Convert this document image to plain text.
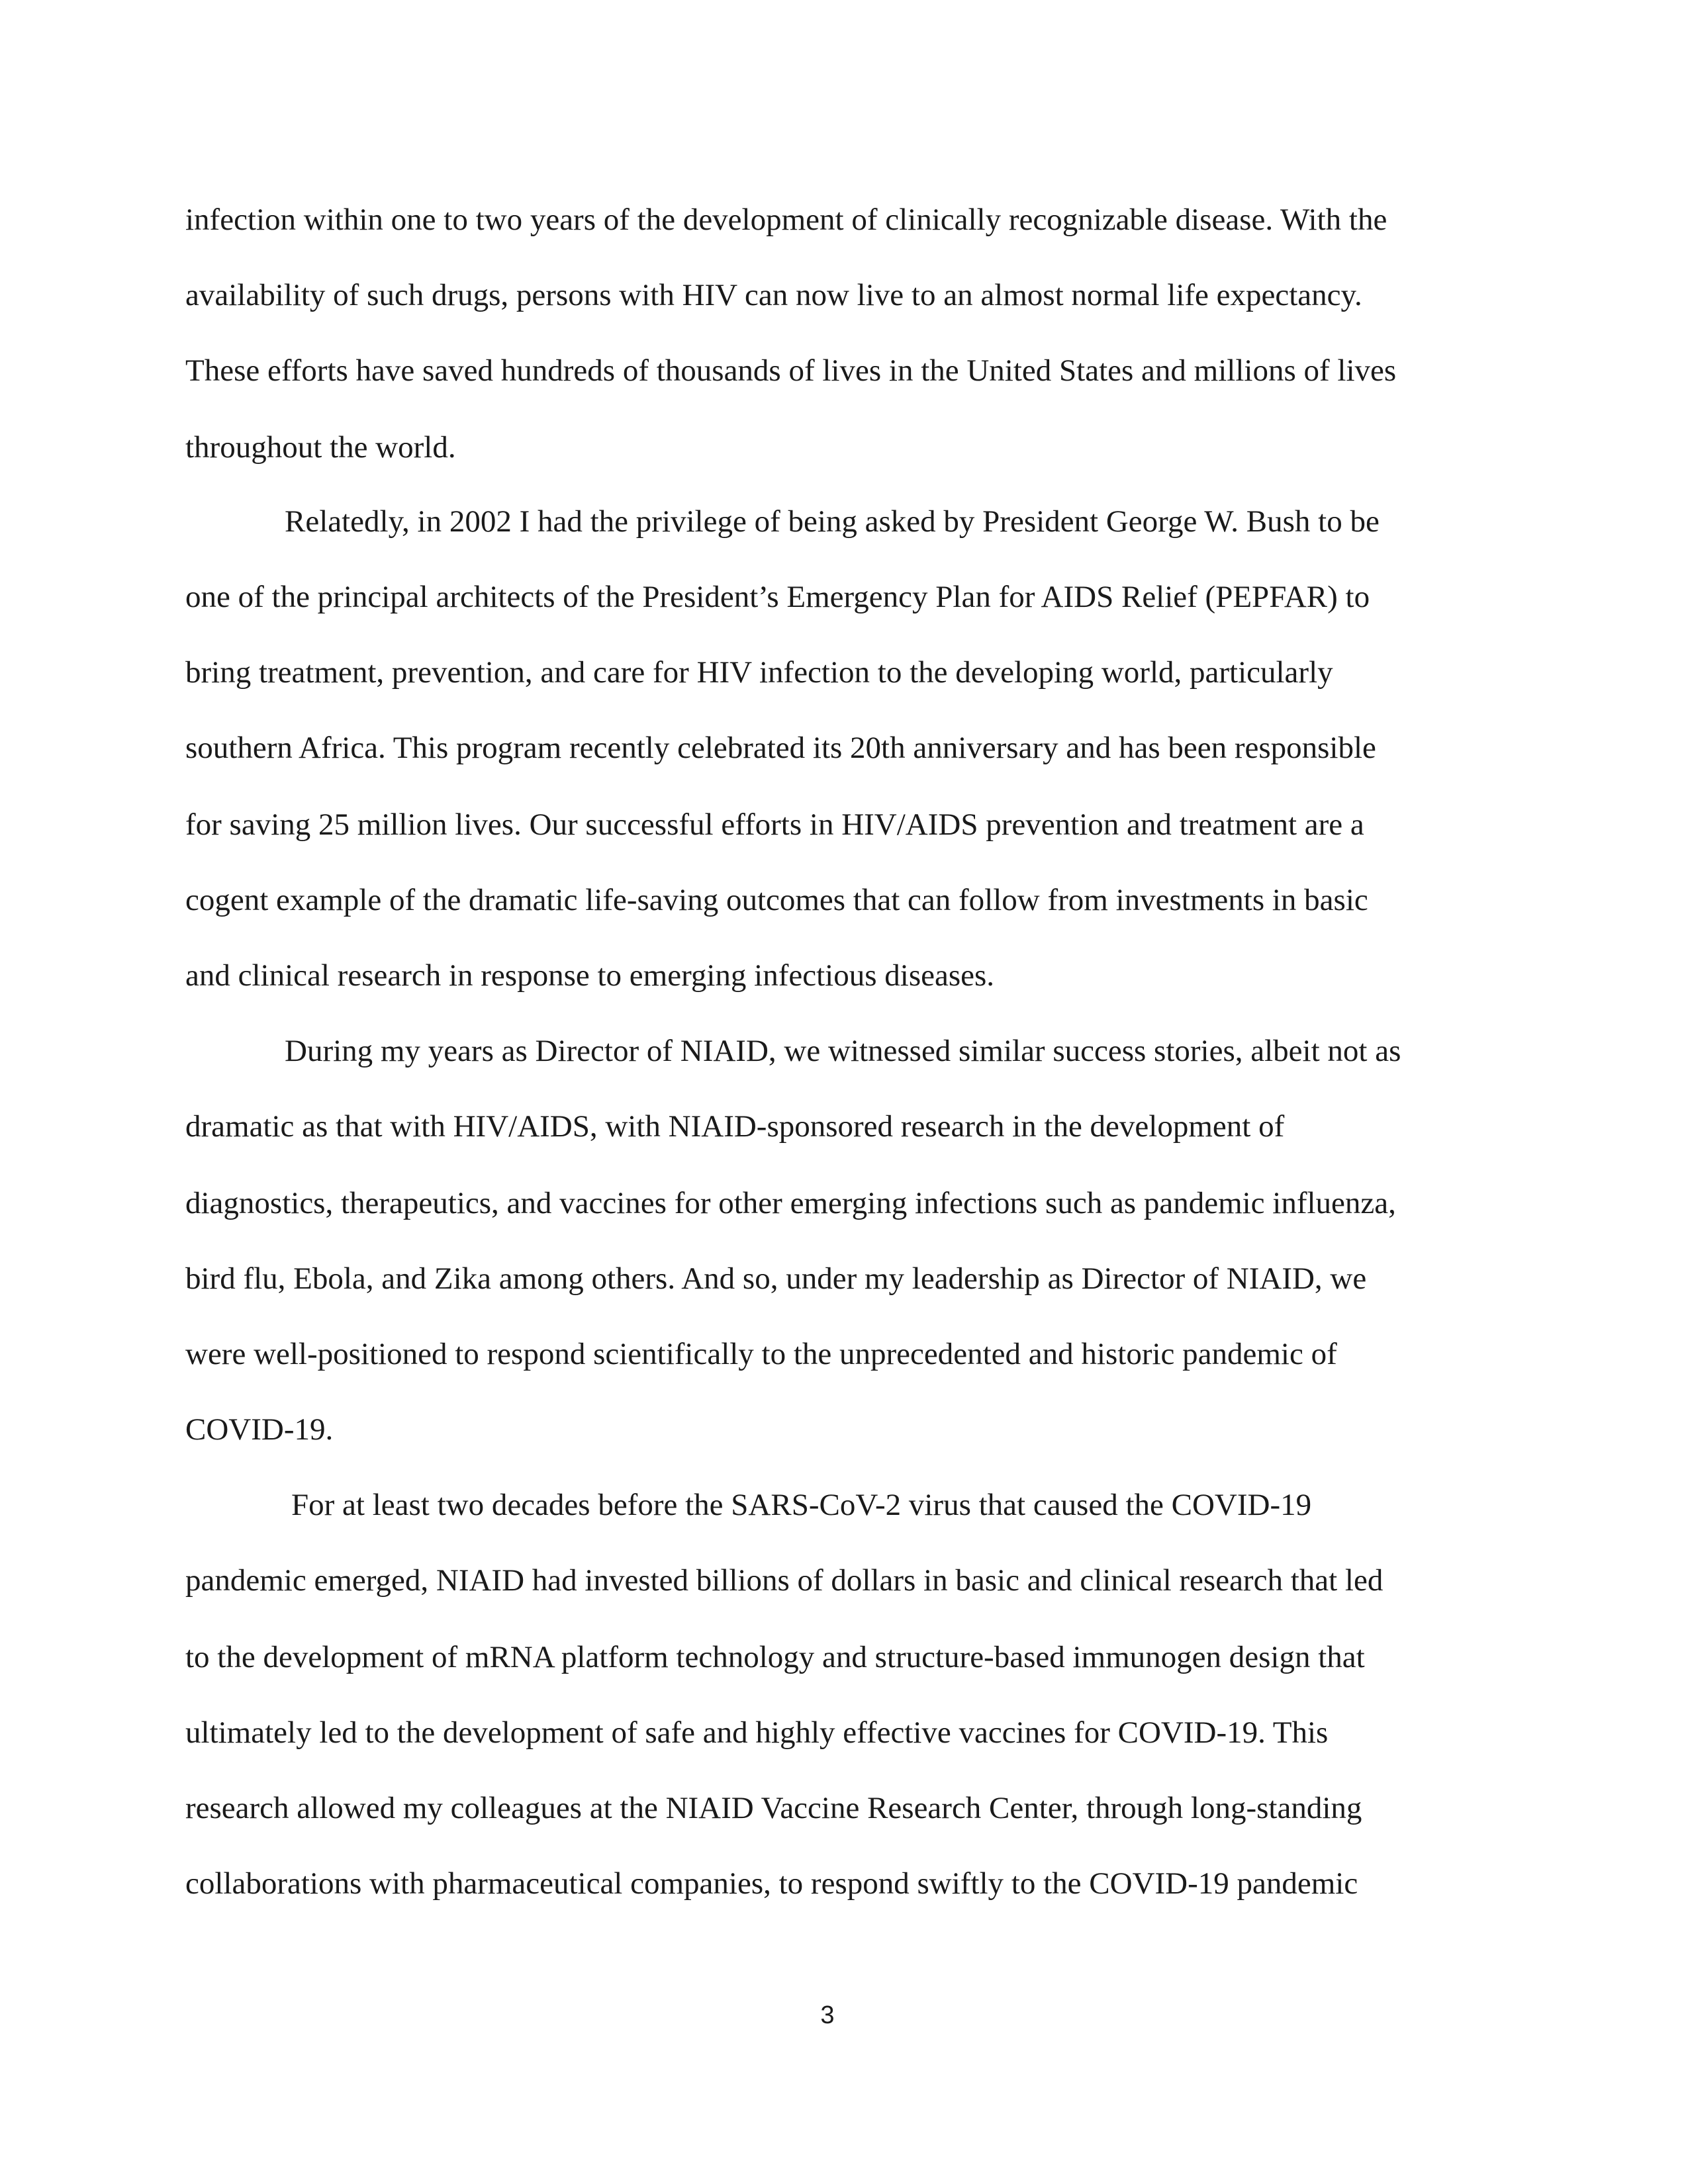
infection within one to two years of the development of clinically recognizable disease. With the

availability of such drugs, persons with HIV can now live to an almost normal life expectancy.

These efforts have saved hundreds of thousands of lives in the United States and millions of lives

throughout the world.

Relatedly, in 2002 I had the privilege of being asked by President George W. Bush to be

one of the principal architects of the President’s Emergency Plan for AIDS Relief (PEPFAR) to

bring treatment, prevention, and care for HIV infection to the developing world, particularly

southern Africa. This program recently celebrated its 20th anniversary and has been responsible

for saving 25 million lives. Our successful efforts in HIV/AIDS prevention and treatment are a

cogent example of the dramatic life-saving outcomes that can follow from investments in basic

and clinical research in response to emerging infectious diseases.

During my years as Director of NIAID, we witnessed similar success stories, albeit not as

dramatic as that with HIV/AIDS, with NIAID-sponsored research in the development of

diagnostics, therapeutics, and vaccines for other emerging infections such as pandemic influenza,

bird flu, Ebola, and Zika among others. And so, under my leadership as Director of NIAID, we

were well-positioned to respond scientifically to the unprecedented and historic pandemic of

COVID-19.

For at least two decades before the SARS-CoV-2 virus that caused the COVID-19

pandemic emerged, NIAID had invested billions of dollars in basic and clinical research that led

to the development of mRNA platform technology and structure-based immunogen design that

ultimately led to the development of safe and highly effective vaccines for COVID-19. This

research allowed my colleagues at the NIAID Vaccine Research Center, through long-standing

collaborations with pharmaceutical companies, to respond swiftly to the COVID-19 pandemic

3
